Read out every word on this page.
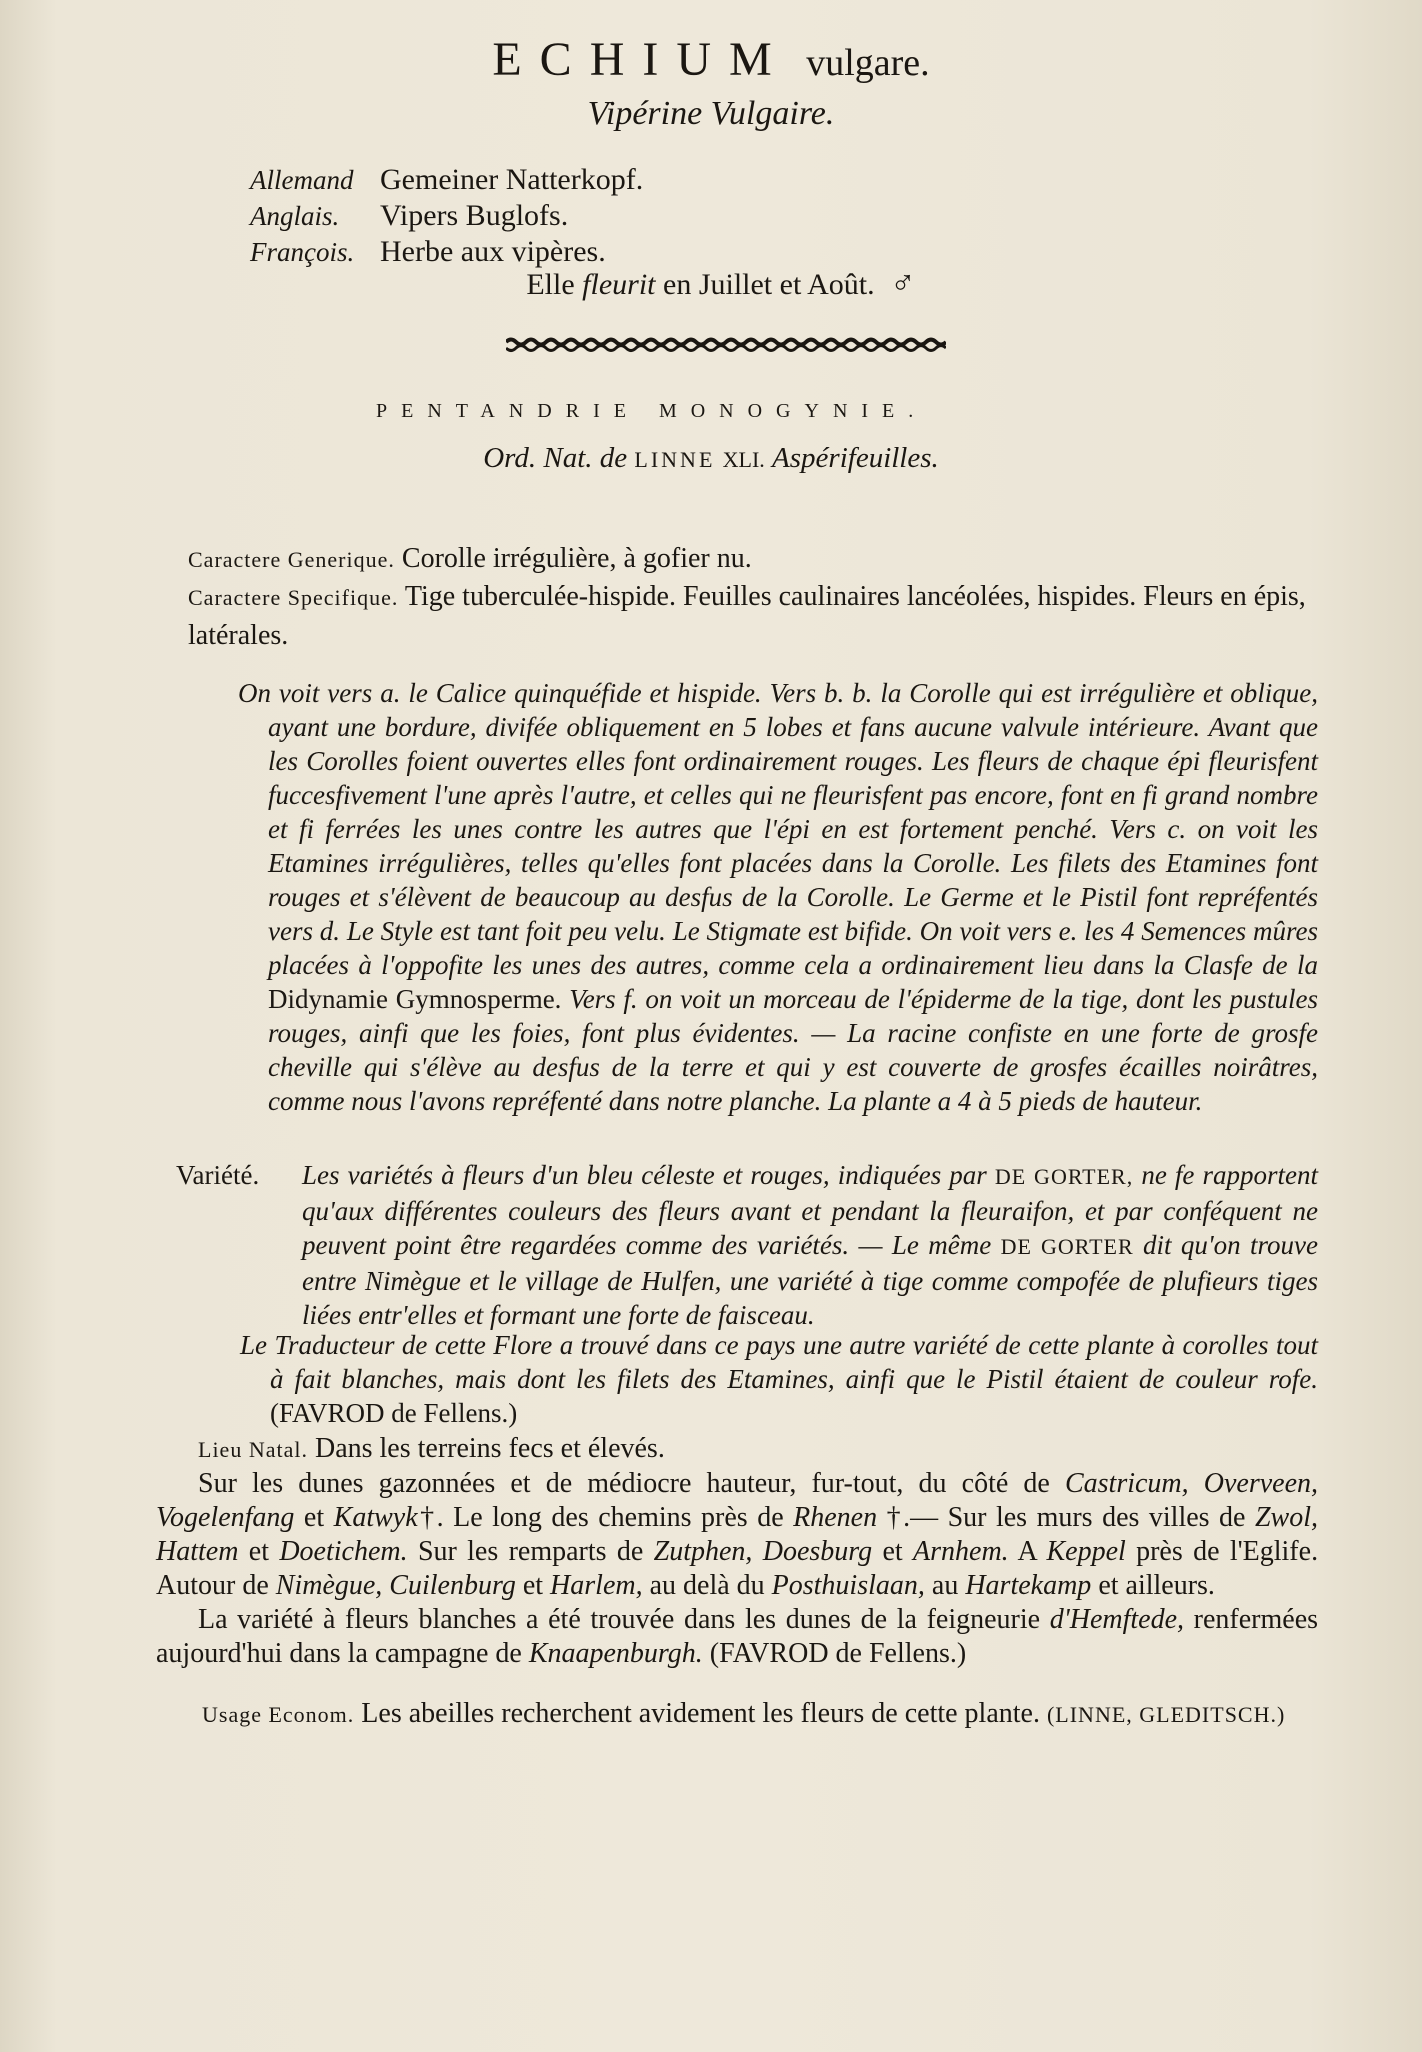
ECHIUM vulgare.
Vipérine Vulgaire.
Allemand Gemeiner Natterkopf.
Anglais.	Vipers Buglofs.
François. Herbe aux vipères.
Elle fleurit en Juillet et Août. ♂
PENTANDRIE MONOGYNIE.
Ord. Nat. de LINNE XLI. Aspérifeuilles.
Caractere Generique. Corolle irrégulière, à gofier nu.
Caractere Specifique. Tige tuberculée-hispide. Feuilles caulinaires lancéolées, hispides. Fleurs en épis, latérales.
On voit vers a. le Calice quinquéfide et hispide. Vers b. b. la Corolle qui est irrégulière et oblique, ayant une bordure, divifée obliquement en 5 lobes et fans aucune valvule intérieure. Avant que les Corolles foient ouvertes elles font ordinairement rouges. Les fleurs de chaque épi fleurisfent fuccesfivement l'une après l'autre, et celles qui ne fleurisfent pas encore, font en fi grand nombre et fi ferrées les unes contre les autres que l'épi en est fortement penché. Vers c. on voit les Etamines irrégulières, telles qu'elles font placées dans la Corolle. Les filets des Etamines font rouges et s'élèvent de beaucoup au desfus de la Corolle. Le Germe et le Pistil font repréfentés vers d. Le Style est tant foit peu velu. Le Stigmate est bifide. On voit vers e. les 4 Semences mûres placées à l'oppofite les unes des autres, comme cela a ordinairement lieu dans la Clasfe de la Didynamie Gymnosperme. Vers f. on voit un morceau de l'épiderme de la tige, dont les pustules rouges, ainfi que les foies, font plus évidentes. — La racine confiste en une forte de grosfe cheville qui s'élève au desfus de la terre et qui y est couverte de grosfes écailles noirâtres, comme nous l'avons repréfenté dans notre planche. La plante a 4 à 5 pieds de hauteur.
Variété. Les variétés à fleurs d'un bleu céleste et rouges, indiquées par DE GORTER, ne fe rapportent qu'aux différentes couleurs des fleurs avant et pendant la fleuraifon, et par conféquent ne peuvent point être regardées comme des variétés. — Le même DE GORTER dit qu'on trouve entre Nimègue et le village de Hulfen, une variété à tige comme compofée de plufieurs tiges liées entr'elles et formant une forte de faisceau.
Le Traducteur de cette Flore a trouvé dans ce pays une autre variété de cette plante à corolles tout à fait blanches, mais dont les filets des Etamines, ainfi que le Pistil étaient de couleur rofe. (FAVROD de Fellens.)

Lieu Natal. Dans les terreins fecs et élevés.

Sur les dunes gazonnées et de médiocre hauteur, fur-tout, du côté de Castricum, Overveen, Vogelenfang et Katwyk†. Le long des chemins près de Rhenen †.— Sur les murs des villes de Zwol, Hattem et Doetichem. Sur les remparts de Zutphen, Doesburg et Arnhem. A Keppel près de l'Eglife. Autour de Nimègue, Cuilenburg et Harlem, au delà du Posthuislaan, au Hartekamp et ailleurs.

La variété à fleurs blanches a été trouvée dans les dunes de la feigneurie d'Hemftede, renfermées aujourd'hui dans la campagne de Knaapenburgh. (FAVROD de Fellens.)

Usage Econom. Les abeilles recherchent avidement les fleurs de cette plante. (LINNE, GLEDITSCH.)
